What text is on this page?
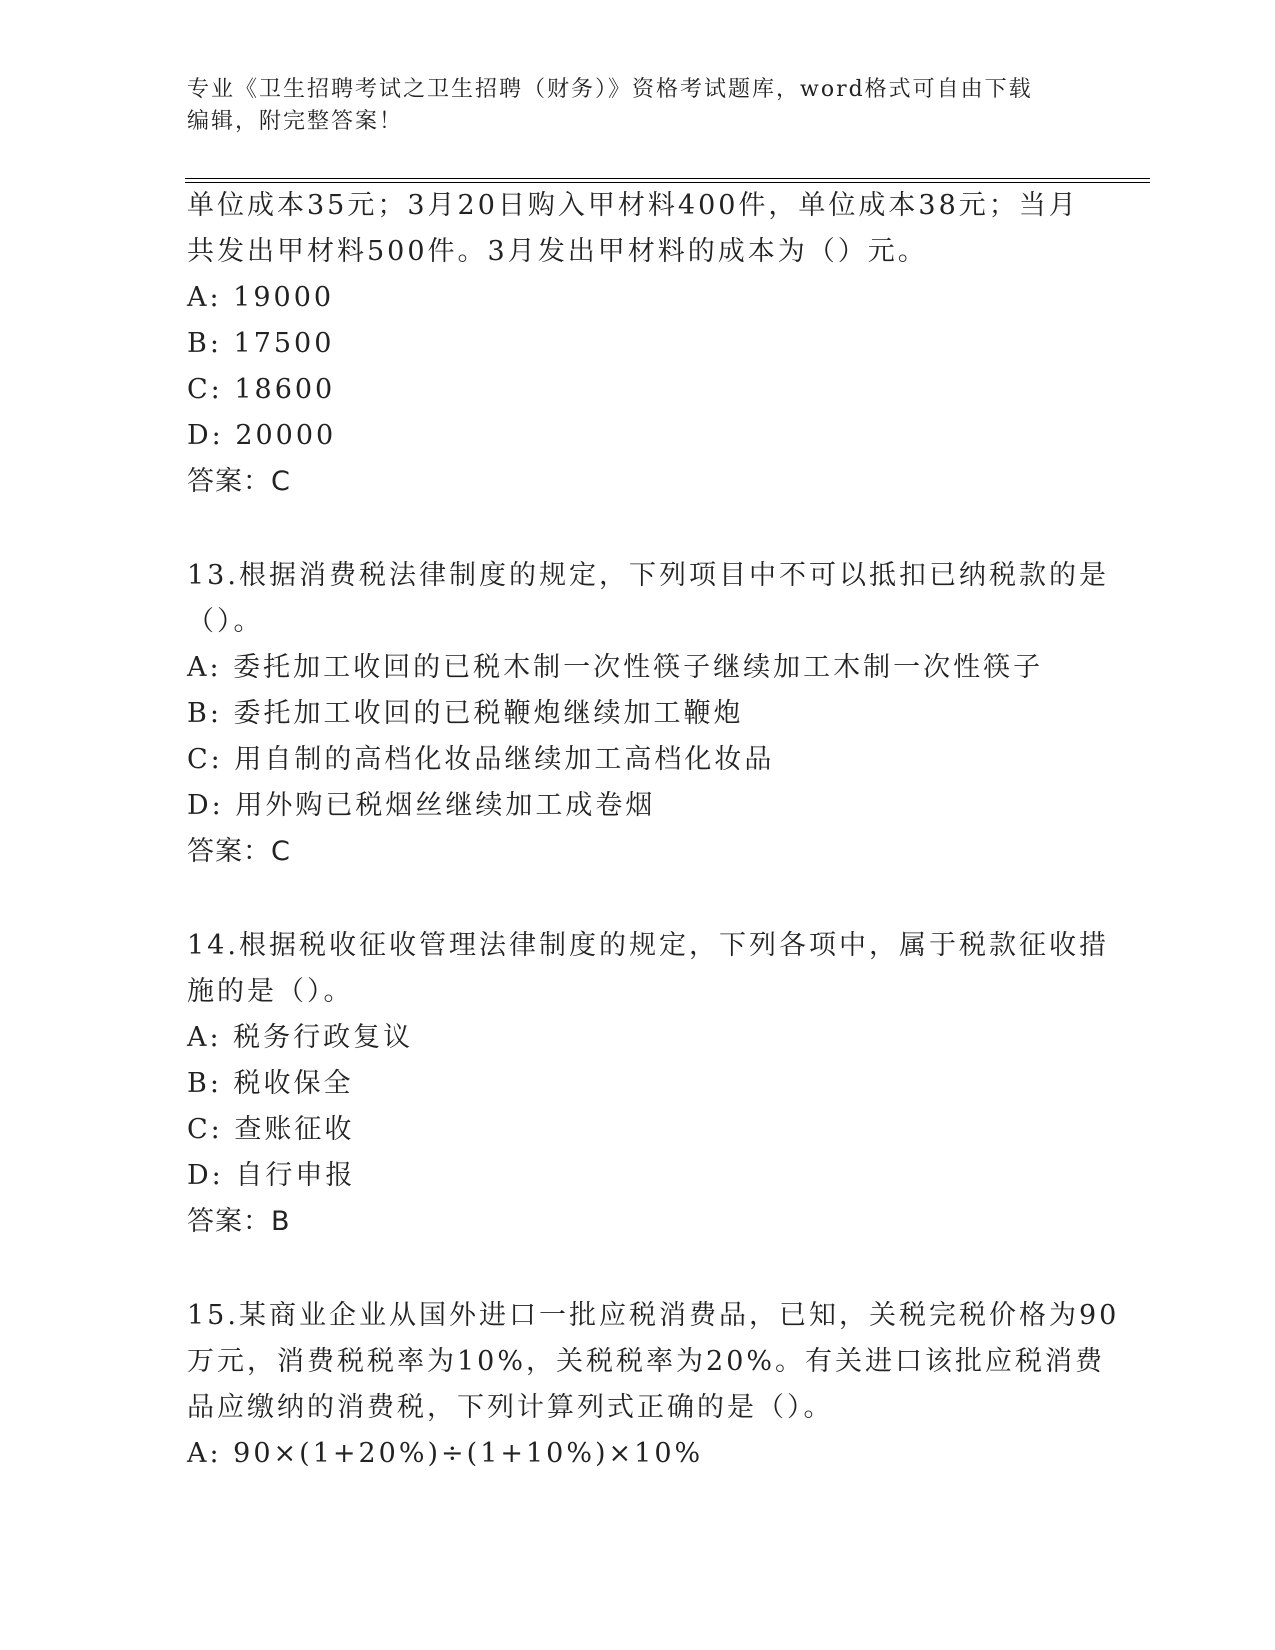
专业《卫生招聘考试之卫生招聘（财务）》资格考试题库，word格式可自由下载
编辑，附完整答案！
单位成本35元；3月20日购入甲材料400件，单位成本38元；当月
共发出甲材料500件。3月发出甲材料的成本为（）元。
A: 19000
B: 17500
C: 18600
D: 20000
答案：C
13.根据消费税法律制度的规定，下列项目中不可以抵扣已纳税款的是
（）。
A: 委托加工收回的已税木制一次性筷子继续加工木制一次性筷子
B: 委托加工收回的已税鞭炮继续加工鞭炮
C: 用自制的高档化妆品继续加工高档化妆品
D: 用外购已税烟丝继续加工成卷烟
答案：C
14.根据税收征收管理法律制度的规定，下列各项中，属于税款征收措
施的是（）。
A: 税务行政复议
B: 税收保全
C: 查账征收
D: 自行申报
答案：B
15.某商业企业从国外进口一批应税消费品，已知，关税完税价格为90
万元，消费税税率为10%，关税税率为20%。有关进口该批应税消费
品应缴纳的消费税，下列计算列式正确的是（）。
A: 90×(1+20%)÷(1+10%)×10%
